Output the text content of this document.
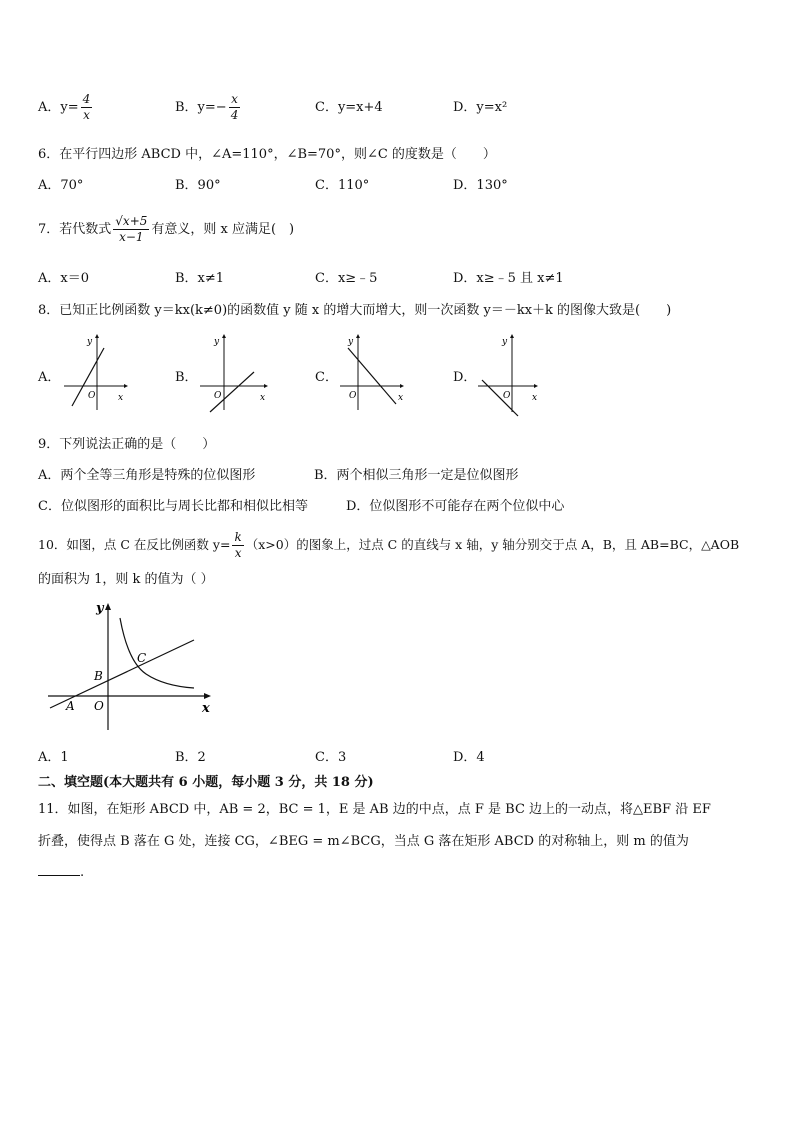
A．$y= \frac{4}{x}$	B．$y=- \frac{x}{4}$	C．y=x+4	D．y=x²
6．在平行四边形 ABCD 中，∠A=110°，∠B=70°，则∠C 的度数是（　　）
A．70°	B．90°	C．110°	D．130°
7．若代数式 $\frac{√x+5}{x-1}$ 有意义，则 x 应满足(　)
A．x＝0	B．x≠1	C．x≥﹣5	D．x≥﹣5 且 x≠1
8．已知正比例函数 y＝kx(k≠0)的函数值 y 随 x 的增大而增大，则一次函数 y＝－kx＋k 的图像大致是(　　)
A．	B．	C．	D．
O	x
y
O	x
y
O	x
y
O x
y
9．下列说法正确的是（　　）
A．两个全等三角形是特殊的位似图形	B．两个相似三角形一定是位似图形
C．位似图形的面积比与周长比都和相似比相等	D．位似图形不可能存在两个位似中心
10．如图，点 C 在反比例函数 $y= \frac{k}{x} (x>0)$的图象上，过点 C 的直线与 x 轴，y 轴分别交于点 A，B，且 AB=BC，△AOB
的面积为 1，则 k 的值为（ ）
y
x
C
B
A O
A．1	B．2	C．3	D．4
二、填空题(本大题共有 6 小题，每小题 3 分，共 18 分)
11．如图，在矩形 ABCD 中，AB = 2，BC = 1，E 是 AB 边的中点，点 F 是 BC 边上的一动点，将△EBF 沿 EF
折叠，使得点 B 落在 G 处，连接 CG，∠BEG = m∠BCG，当点 G 落在矩形 ABCD 的对称轴上，则 m 的值为
.
